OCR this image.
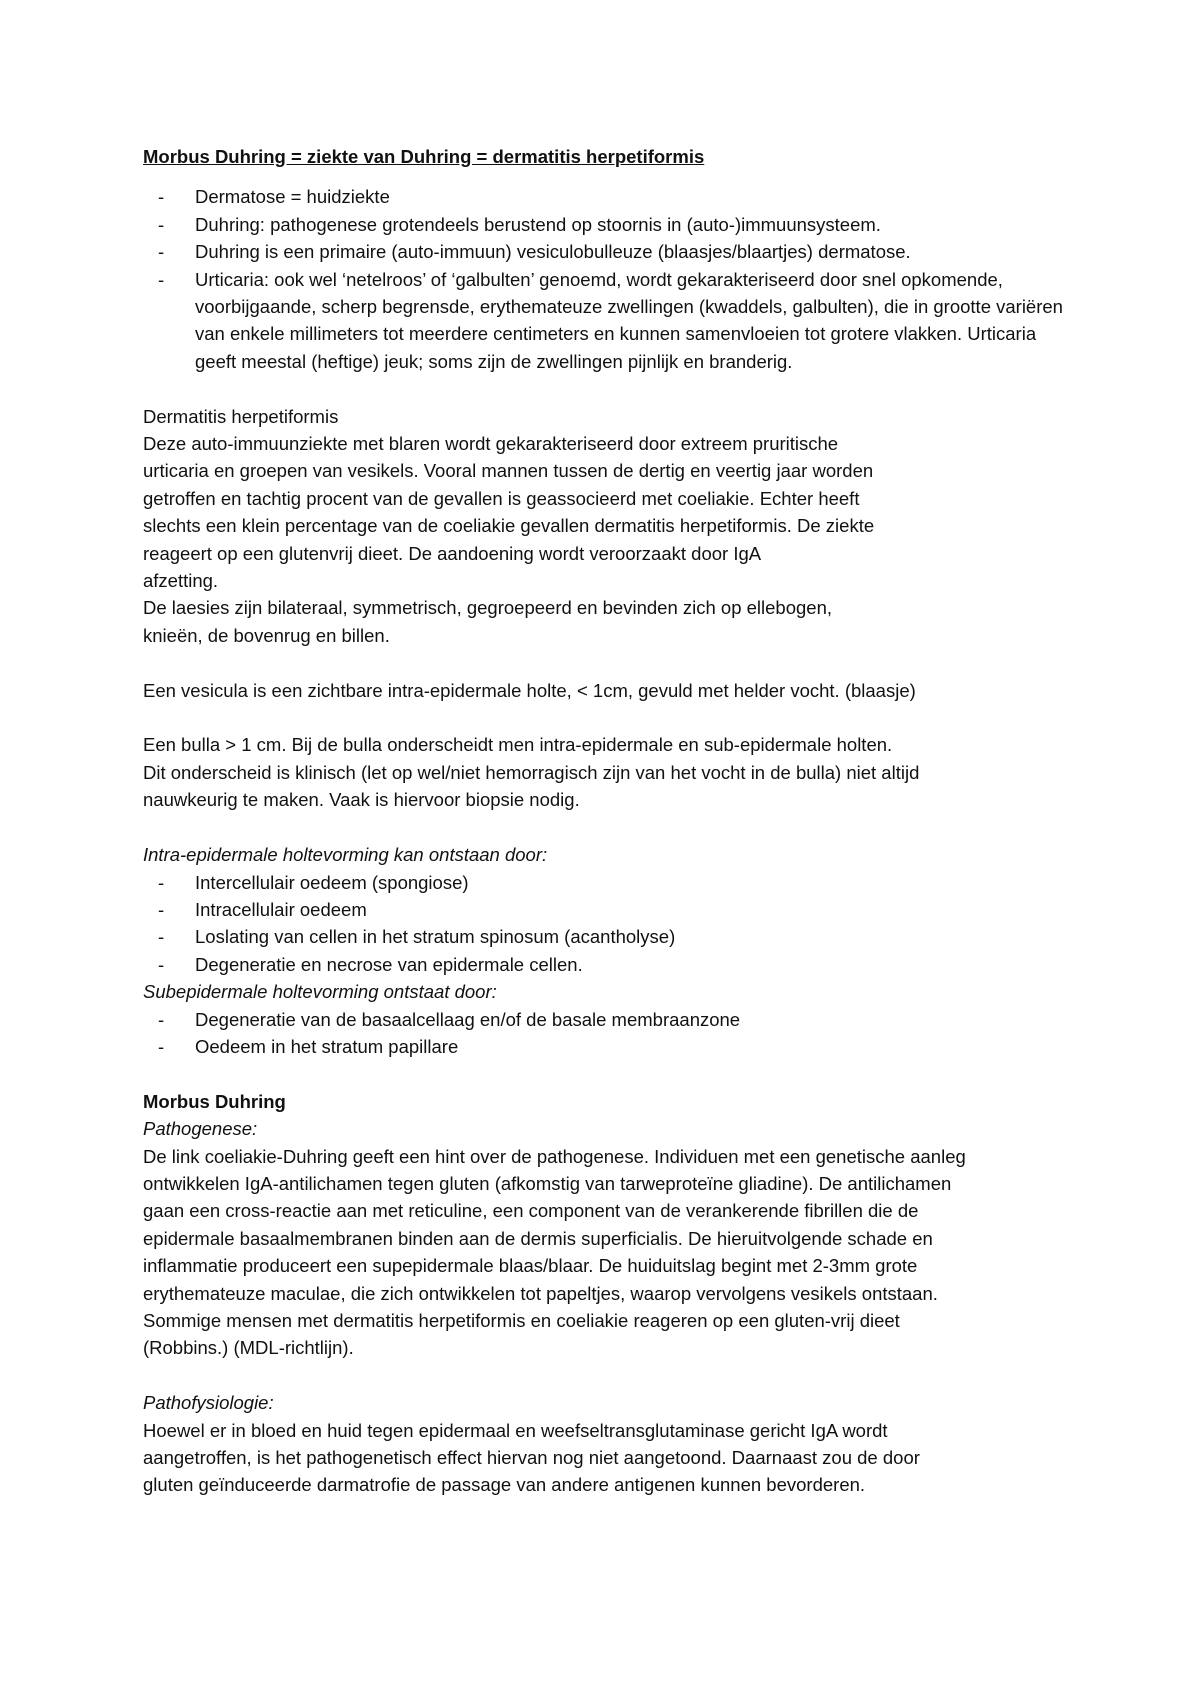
Morbus Duhring = ziekte van Duhring = dermatitis herpetiformis
- Dermatose = huidziekte
- Duhring: pathogenese grotendeels berustend op stoornis in (auto-)immuunsysteem.
- Duhring is een primaire (auto-immuun) vesiculobulleuze (blaasjes/blaartjes) dermatose.
- Urticaria: ook wel ‘netelroos’ of ‘galbulten’ genoemd, wordt gekarakteriseerd door snel opkomende, voorbijgaande, scherp begrensde, erythemateuze zwellingen (kwaddels, galbulten), die in grootte variëren van enkele millimeters tot meerdere centimeters en kunnen samenvloeien tot grotere vlakken. Urticaria geeft meestal (heftige) jeuk; soms zijn de zwellingen pijnlijk en branderig.
Dermatitis herpetiformis
Deze auto-immuunziekte met blaren wordt gekarakteriseerd door extreem pruritische
urticaria en groepen van vesikels. Vooral mannen tussen de dertig en veertig jaar worden
getroffen en tachtig procent van de gevallen is geassocieerd met coeliakie. Echter heeft
slechts een klein percentage van de coeliakie gevallen dermatitis herpetiformis. De ziekte
reageert op een glutenvrij dieet. De aandoening wordt veroorzaakt door IgA
afzetting.
De laesies zijn bilateraal, symmetrisch, gegroepeerd en bevinden zich op ellebogen,
knieën, de bovenrug en billen.
Een vesicula is een zichtbare intra-epidermale holte, < 1cm, gevuld met helder vocht. (blaasje)
Een bulla > 1 cm. Bij de bulla onderscheidt men intra-epidermale en sub-epidermale holten.
Dit onderscheid is klinisch (let op wel/niet hemorragisch zijn van het vocht in de bulla) niet altijd
nauwkeurig te maken. Vaak is hiervoor biopsie nodig.
Intra-epidermale holtevorming kan ontstaan door:
- Intercellulair oedeem (spongiose)
- Intracellulair oedeem
- Loslating van cellen in het stratum spinosum (acantholyse)
- Degeneratie en necrose van epidermale cellen.
Subepidermale holtevorming ontstaat door:
- Degeneratie van de basaalcellaag en/of de basale membraanzone
- Oedeem in het stratum papillare
Morbus Duhring
Pathogenese:
De link coeliakie-Duhring geeft een hint over de pathogenese. Individuen met een genetische aanleg
ontwikkelen IgA-antilichamen tegen gluten (afkomstig van tarweproteïne gliadine). De antilichamen
gaan een cross-reactie aan met reticuline, een component van de verankerende fibrillen die de
epidermale basaalmembranen binden aan de dermis superficialis. De hieruitvolgende schade en
inflammatie produceert een supepidermale blaas/blaar. De huiduitslag begint met 2-3mm grote
erythemateuze maculae, die zich ontwikkelen tot papeltjes, waarop vervolgens vesikels ontstaan.
Sommige mensen met dermatitis herpetiformis en coeliakie reageren op een gluten-vrij dieet
(Robbins.) (MDL-richtlijn).
Pathofysiologie:
Hoewel er in bloed en huid tegen epidermaal en weefseltransglutaminase gericht IgA wordt
aangetroffen, is het pathogenetisch effect hiervan nog niet aangetoond. Daarnaast zou de door
gluten geïnduceerde darmatrofie de passage van andere antigenen kunnen bevorderen.
